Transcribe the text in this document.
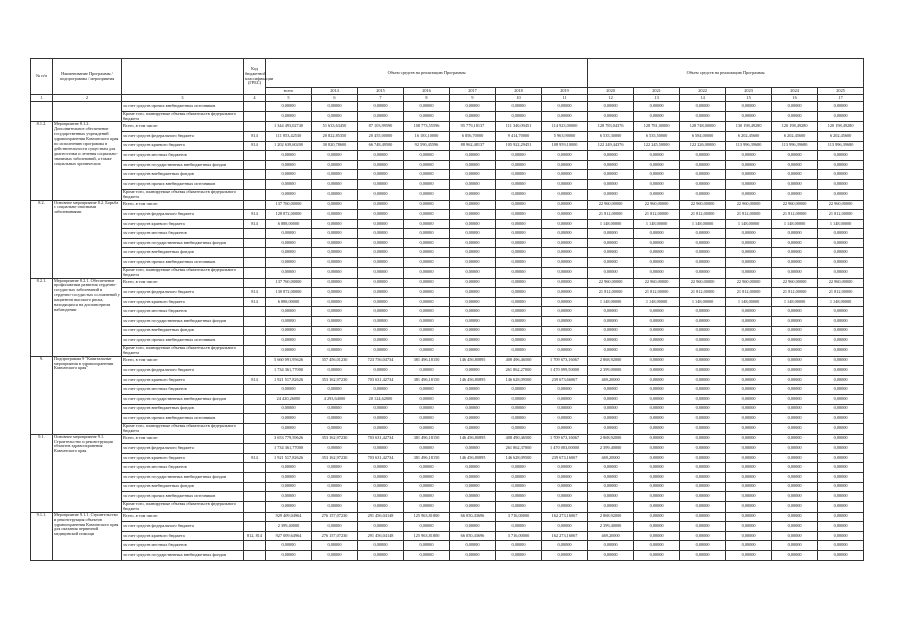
№ п/п	Наименование Программы / подпрограммы / мероприятия		Код бюджетной классификации (ГРБС)	Объем средств на реализацию Программы							Объем средств на реализацию Программы					
				всего	2014	2015	2016	2017	2018	2019	2020	2021	2022	2023	2024	2025
1	2	3	4	5	6	7	8	9	10	11	12	13	14	15	16	17
		за счет средств прочих внебюджетных источников		0,00000	0,00000	0,00000	0,00000	0,00000	0,00000	0,00000	0,00000	0,00000	0,00000	0,00000	0,00000	0,00000
		Кроме того, планируемые объемы обязательств федерального бюджета		0,00000	0,00000	0,00000	0,00000	0,00000	0,00000	0,00000	0,00000	0,00000	0,00000	0,00000	0,00000	0,00000
8.1.2.	Мероприятие 8.1.2. Дополнительное обеспечение государственных учреждений здравоохранения Камчатского края по исполнению программы в действительности существам для диагностики и лечения социально-значимых заболеваний, а также социальных хронических	Всего, в том числе:		1 344 493,02740	51 633,63450	87 103,99590	108 773,55596	95 779,18137	111 340,09451	114 923,00000	128 783,04376	128 781,00000	128 748,00000	130 198,49280	120 198,49280	120 198,49280
		за счет средств федерального бюджета	814	111 853,42530	20 822,85350	20 455,00000	16 183,10000	6 856,70000	9 414,70000	5 963,90000	6 535,30000	6 535,50000	6 584,00000	6 202,45600	6 202,45600	6 202,45600
		за счет средств краевого бюджета	814	1 202 639,60200	30 820,78600	66 748,49500	92 590,45596	88 962,48137	105 922,29451	108 959,10000	122 249,44376	122 245,50000	122 226,00000	113 996,39680	113 996,39680	113 996,39680
		за счет средств местных бюджетов		0,00000	0,00000	0,00000	0,00000	0,00000	0,00000	0,00000	0,00000	0,00000	0,00000	0,00000	0,00000	0,00000
		за счет средств государственных внебюджетных фондов		0,00000	0,00000	0,00000	0,00000	0,00000	0,00000	0,00000	0,00000	0,00000	0,00000	0,00000	0,00000	0,00000
		за счет средств внебюджетных фондов		0,00000	0,00000	0,00000	0,00000	0,00000	0,00000	0,00000	0,00000	0,00000	0,00000	0,00000	0,00000	0,00000
		за счет средств прочих внебюджетных источников		0,00000	0,00000	0,00000	0,00000	0,00000	0,00000	0,00000	0,00000	0,00000	0,00000	0,00000	0,00000	0,00000
		Кроме того, планируемые объемы обязательств федерального бюджета		0,00000	0,00000	0,00000	0,00000	0,00000	0,00000	0,00000	0,00000	0,00000	0,00000	0,00000	0,00000	0,00000
8.2.	Основное мероприятие 8.2. Борьба с социально-опасными заболеваниями	Всего, в том числе:		137 760,00000	0,00000	0,00000	0,00000	0,00000	0,00000	0,00000	22 960,00000	22 960,00000	22 960,00000	22 960,00000	22 960,00000	22 960,00000
		за счет средств федерального бюджета	814	128 872,00000	0,00000	0,00000	0,00000	0,00000	0,00000	0,00000	21 812,00000	21 812,00000	21 812,00000	21 812,00000	21 812,00000	21 812,00000
		за счет средств краевого бюджета	814	6 888,00000	0,00000	0,00000	0,00000	0,00000	0,00000	0,00000	1 148,00000	1 148,00000	1 148,00000	1 148,00000	1 148,00000	1 148,00000
		за счет средств местных бюджетов		0,00000	0,00000	0,00000	0,00000	0,00000	0,00000	0,00000	0,00000	0,00000	0,00000	0,00000	0,00000	0,00000
		за счет средств государственных внебюджетных фондов		0,00000	0,00000	0,00000	0,00000	0,00000	0,00000	0,00000	0,00000	0,00000	0,00000	0,00000	0,00000	0,00000
		за счет средств внебюджетных фондов		0,00000	0,00000	0,00000	0,00000	0,00000	0,00000	0,00000	0,00000	0,00000	0,00000	0,00000	0,00000	0,00000
		за счет средств прочих внебюджетных источников		0,00000	0,00000	0,00000	0,00000	0,00000	0,00000	0,00000	0,00000	0,00000	0,00000	0,00000	0,00000	0,00000
		Кроме того, планируемые объемы обязательств федерального бюджета		0,00000	0,00000	0,00000	0,00000	0,00000	0,00000	0,00000	0,00000	0,00000	0,00000	0,00000	0,00000	0,00000
8.2.1.	Мероприятие 8.2.1. Обеспечение профилактики развития сердечно-сосудистых заболеваний и сердечно-сосудистых осложнений у пациентов высокого риска, находящихся на диспансерном наблюдении	Всего, в том числе:		137 760,00000	0,00000	0,00000	0,00000	0,00000	0,00000	0,00000	22 960,00000	22 960,00000	22 960,00000	22 960,00000	22 960,00000	22 960,00000
		за счет средств федерального бюджета	814	130 872,00000	0,00000	0,00000	0,00000	0,00000	0,00000	0,00000	21 812,00000	21 812,00000	21 812,00000	21 812,00000	21 812,00000	21 812,00000
		за счет средств краевого бюджета	814	6 888,00000	0,00000	0,00000	0,00000	0,00000	0,00000	0,00000	1 148,00000	1 148,00000	1 148,00000	1 148,00000	1 148,00000	1 148,00000
		за счет средств местных бюджетов		0,00000	0,00000	0,00000	0,00000	0,00000	0,00000	0,00000	0,00000	0,00000	0,00000	0,00000	0,00000	0,00000
		за счет средств государственных внебюджетных фондов		0,00000	0,00000	0,00000	0,00000	0,00000	0,00000	0,00000	0,00000	0,00000	0,00000	0,00000	0,00000	0,00000
		за счет средств внебюджетных фондов		0,00000	0,00000	0,00000	0,00000	0,00000	0,00000	0,00000	0,00000	0,00000	0,00000	0,00000	0,00000	0,00000
		за счет средств прочих внебюджетных источников		0,00000	0,00000	0,00000	0,00000	0,00000	0,00000	0,00000	0,00000	0,00000	0,00000	0,00000	0,00000	0,00000
		Кроме того, планируемые объемы обязательств федерального бюджета		0,00000	0,00000	0,00000	0,00000	0,00000	0,00000	0,00000	0,00000	0,00000	0,00000	0,00000	0,00000	0,00000
9.	Подпрограмма 9 "Капитальные мероприятия в здравоохранении Камчатского края"	Всего, в том числе:		5 660 091,95626	357 456,01230	723 756,04734	381 496,18150	146 456,80895	408 496,46500	1 709 673,16067	2 868,92000	0,00000	0,00000	0,00000	0,00000	0,00000
		за счет средств федерального бюджета		1 734 361,77000	0,00000	0,00000	0,00000	0,00000	261 862,27000	1 470 099,50000	2 399,00000	0,00000	0,00000	0,00000	0,00000	0,00000
		за счет средств краевого бюджета	814	1 921 517,82626	353 162,97230	703 631,42734	381 496,18150	146 456,80895	146 628,09500	239 673,66067	469,20000	0,00000	0,00000	0,00000	0,00000	0,00000
		за счет средств местных бюджетов		0,00000	0,00000	0,00000	0,00000	0,00000	0,00000	0,00000	0,00000	0,00000	0,00000	0,00000	0,00000	0,00000
		за счет средств государственных внебюджетных фондов		24 420,26000	4 293,64000	20 124,62000	0,00000	0,00000	0,00000	0,00000	0,00000	0,00000	0,00000	0,00000	0,00000	0,00000
		за счет средств внебюджетных фондов		0,00000	0,00000	0,00000	0,00000	0,00000	0,00000	0,00000	0,00000	0,00000	0,00000	0,00000	0,00000	0,00000
		за счет средств прочих внебюджетных источников		0,00000	0,00000	0,00000	0,00000	0,00000	0,00000	0,00000	0,00000	0,00000	0,00000	0,00000	0,00000	0,00000
		Кроме того, планируемые объемы обязательств федерального бюджета		0,00000	0,00000	0,00000	0,00000	0,00000	0,00000	0,00000	0,00000	0,00000	0,00000	0,00000	0,00000	0,00000
9.1.	Основное мероприятие 9.1. Строительство и реконструкция объектов здравоохранения Камчатского края	Всего, в том числе:		3 653 779,59626	353 162,97230	703 631,42734	381 496,18150	146 456,80895	408 490,46500	1 709 673,16067	2 868,92000	0,00000	0,00000	0,00000	0,00000	0,00000
		за счет средств федерального бюджета		1 734 361,77000	0,00000	0,00000	0,00000	0,00000	261 862,37000	1 470 003,00000	2 399,40000	0,00000	0,00000	0,00000	0,00000	0,00000
		за счет средств краевого бюджета	814	1 921 517,82626	353 162,97230	703 631,42734	381 496,18150	146 456,80895	146 628,09500	239 673,16067	469,20000	0,00000	0,00000	0,00000	0,00000	0,00000
		за счет средств местных бюджетов		0,00000	0,00000	0,00000	0,00000	0,00000	0,00000	0,00000	0,00000	0,00000	0,00000	0,00000	0,00000	0,00000
		за счет средств государственных внебюджетных фондов		0,00000	0,00000	0,00000	0,00000	0,00000	0,00000	0,00000	0,00000	0,00000	0,00000	0,00000	0,00000	0,00000
		за счет средств внебюджетных фондов		0,00000	0,00000	0,00000	0,00000	0,00000	0,00000	0,00000	0,00000	0,00000	0,00000	0,00000	0,00000	0,00000
		за счет средств прочих внебюджетных источников		0,00000	0,00000	0,00000	0,00000	0,00000	0,00000	0,00000	0,00000	0,00000	0,00000	0,00000	0,00000	0,00000
		Кроме того, планируемые объемы обязательств федерального бюджета		0,00000	0,00000	0,00000	0,00000	0,00000	0,00000	0,00000	0,00000	0,00000	0,00000	0,00000	0,00000	0,00000
9.1.1.	Мероприятие 9.1.1. Строительство и реконструкция объектов здравоохранения Камчатского края для оказания первичной медицинской помощи	Всего, в том числе:		929 409,04964	276 157,07230	291 456,04148	125 963,81800	66 050,43696	3 716,00000	162 273,16067	2 868,92000	0,00000	0,00000	0,00000	0,00000	0,00000
		за счет средств федерального бюджета		2 399,40000	0,00000	0,00000	0,00000	0,00000	0,00000	0,00000	2 399,40000	0,00000	0,00000	0,00000	0,00000	0,00000
		за счет средств краевого бюджета	812, 814	927 009,64964	276 157,07230	291 456,04148	125 963,81800	66 050,43696	3 716,00000	162 273,16067	469,20000	0,00000	0,00000	0,00000	0,00000	0,00000
		за счет средств местных бюджетов		0,00000	0,00000	0,00000	0,00000	0,00000	0,00000	0,00000	0,00000	0,00000	0,00000	0,00000	0,00000	0,00000
		за счет средств государственных внебюджетных фондов		0,00000	0,00000	0,00000	0,00000	0,00000	0,00000	0,00000	0,00000	0,00000	0,00000	0,00000	0,00000	0,00000
